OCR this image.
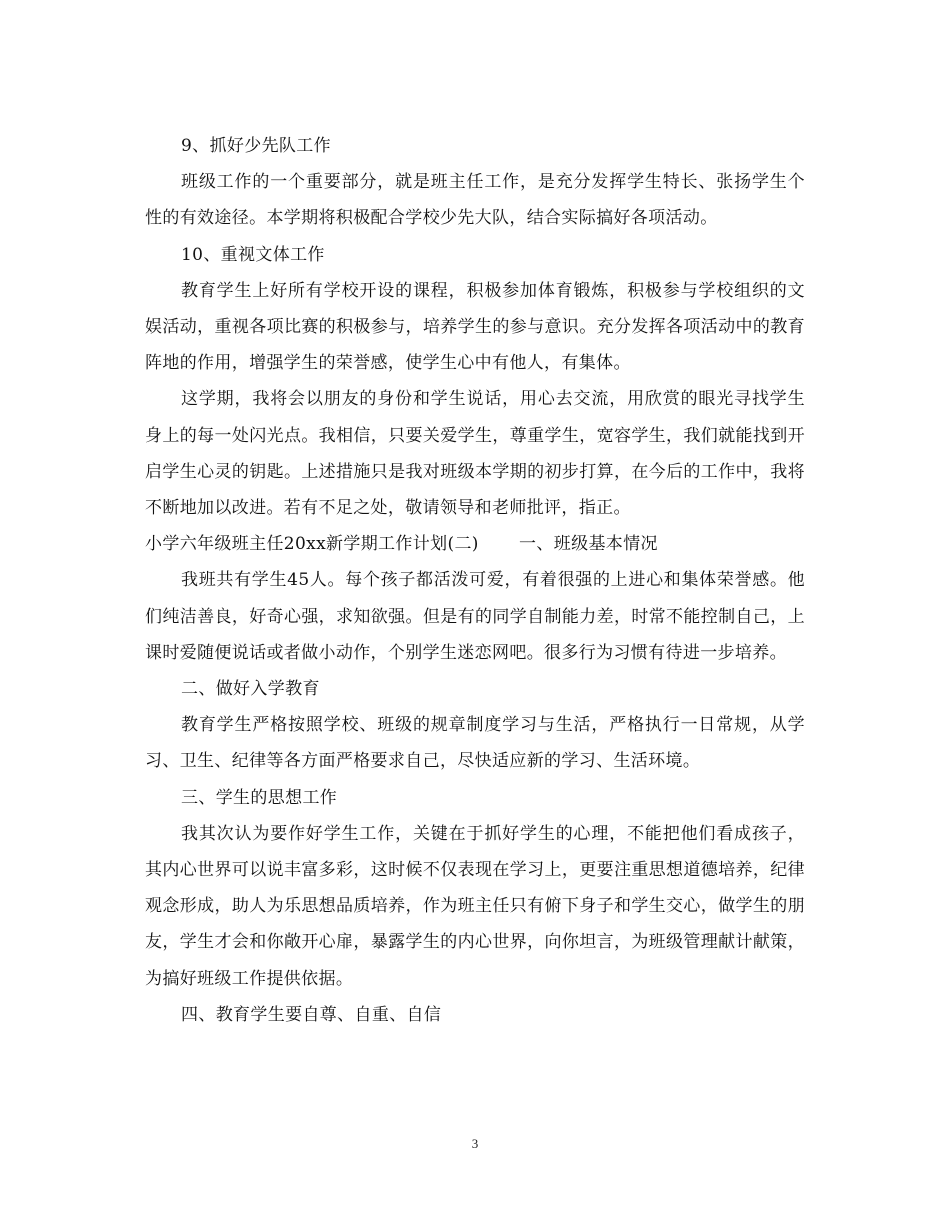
9、抓好少先队工作

班级工作的一个重要部分，就是班主任工作，是充分发挥学生特长、张扬学生个性的有效途径。本学期将积极配合学校少先大队，结合实际搞好各项活动。

10、重视文体工作

教育学生上好所有学校开设的课程，积极参加体育锻炼，积极参与学校组织的文娱活动，重视各项比赛的积极参与，培养学生的参与意识。充分发挥各项活动中的教育阵地的作用，增强学生的荣誉感，使学生心中有他人，有集体。

这学期，我将会以朋友的身份和学生说话，用心去交流，用欣赏的眼光寻找学生身上的每一处闪光点。我相信，只要关爱学生，尊重学生，宽容学生，我们就能找到开启学生心灵的钥匙。上述措施只是我对班级本学期的初步打算，在今后的工作中，我将不断地加以改进。若有不足之处，敬请领导和老师批评，指正。

小学六年级班主任20xx新学期工作计划(二)       一、班级基本情况

我班共有学生45人。每个孩子都活泼可爱，有着很强的上进心和集体荣誉感。他们纯洁善良，好奇心强，求知欲强。但是有的同学自制能力差，时常不能控制自己，上课时爱随便说话或者做小动作，个别学生迷恋网吧。很多行为习惯有待进一步培养。

二、做好入学教育

教育学生严格按照学校、班级的规章制度学习与生活，严格执行一日常规，从学习、卫生、纪律等各方面严格要求自己，尽快适应新的学习、生活环境。

三、学生的思想工作

我其次认为要作好学生工作，关键在于抓好学生的心理，不能把他们看成孩子，其内心世界可以说丰富多彩，这时候不仅表现在学习上，更要注重思想道德培养，纪律观念形成，助人为乐思想品质培养，作为班主任只有俯下身子和学生交心，做学生的朋友，学生才会和你敞开心扉，暴露学生的内心世界，向你坦言，为班级管理献计献策，为搞好班级工作提供依据。

四、教育学生要自尊、自重、自信

3
